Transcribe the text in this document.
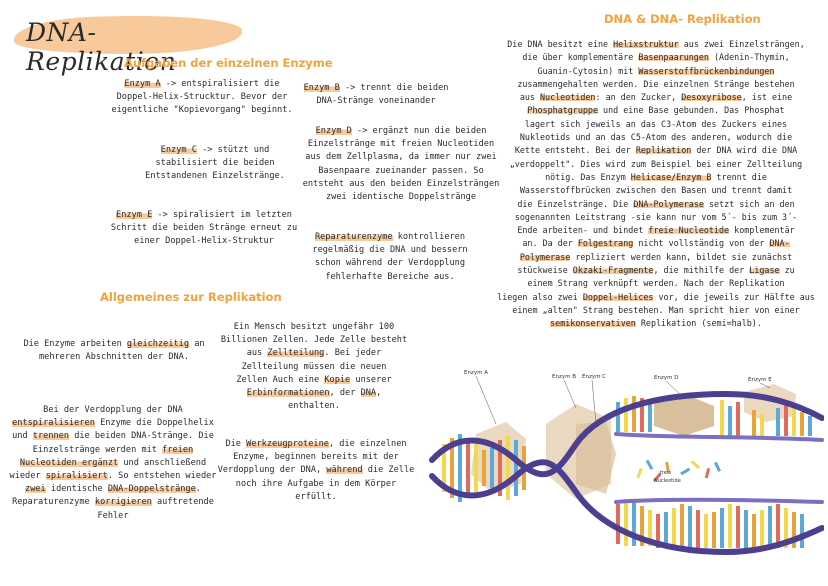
DNA-Replikation
Aufgaben der einzelnen Enzyme
Allgemeines zur Replikation
DNA & DNA- Replikation
Enzym A -> entspiralisiert die
Doppel-Helix-Strucktur. Bevor der
eigentliche "Kopievorgang" beginnt.
Enzym B -> trennt die beiden
DNA-Stränge voneinander
Enzym C -> stützt und
stabilisiert die beiden
Entstandenen Einzelstränge.
Enzym D -> ergänzt nun die beiden
Einzelstränge mit freien Nucleotiden
aus dem Zellplasma, da immer nur zwei
Basenpaare zueinander passen. So
entsteht aus den beiden Einzelsträngen
zwei identische Doppelstränge
Enzym E -> spiralisiert im letzten
Schritt die beiden Stränge erneut zu
einer Doppel-Helix-Struktur	Reparaturenzyme kontrollieren
regelmäßig die DNA und bessern
schon während der Verdopplung
fehlerhafte Bereiche aus.
Die Enzyme arbeiten gleichzeitig an
mehreren Abschnitten der DNA.
Ein Mensch besitzt ungefähr 100
Billionen Zellen. Jede Zelle besteht
aus Zellteilung. Bei jeder
Zellteilung müssen die neuen
Zellen Auch eine Kopie unserer
Erbinformationen, der DNA,
enthalten.
Bei der Verdopplung der DNA
entspiralisieren Enzyme die Doppelhelix
und trennen die beiden DNA-Stränge. Die
Einzelstränge werden mit freien
Nucleotiden ergänzt und anschließend
wieder spiralisiert. So entstehen wieder
zwei identische DNA-Doppelstränge.
Reparaturenzyme korrigieren auftretende
Fehler
Die Werkzeugproteine, die einzelnen
Enzyme, beginnen bereits mit der
Verdopplung der DNA, während die Zelle
noch ihre Aufgabe in dem Körper erfüllt.
Die DNA besitzt eine Helixstruktur aus zwei Einzelsträngen,
die über komplementäre Basenpaarungen (Adenin-Thymin,
Guanin-Cytosin) mit Wasserstoffbrückenbindungen
zusammengehalten werden. Die einzelnen Stränge bestehen
aus Nucleotiden: an den Zucker, Desoxyribose, ist eine
Phosphatgruppe und eine Base gebunden. Das Phosphat
lagert sich jeweils an das C3-Atom des Zuckers eines
Nukleotids und an das C5-Atom des anderen, wodurch die
Kette entsteht. Bei der Replikation der DNA wird die DNA
„verdoppelt". Dies wird zum Beispiel bei einer Zellteilung
nötig. Das Enzym Helicase/Enzym B trennt die
Wasserstoffbrücken zwischen den Basen und trennt damit
die Einzelstränge. Die DNA-Polymerase setzt sich an den
sogenannten Leitstrang -sie kann nur vom 5´- bis zum 3´-
Ende arbeiten- und bindet freie Nucleotide komplementär
an. Da der Folgestrang nicht vollständig von der DNA-
Polymerase repliziert werden kann, bildet sie zunächst
stückweise Okzaki-Fragmente, die mithilfe der Ligase zu
einem Strang verknüpft werden. Nach der Replikation
liegen also zwei Doppel-Helices vor, die jeweils zur Hälfte aus
einem „alten" Strang bestehen. Man spricht hier von einer
semikonservativen Replikation (semi=halb).
Enzym A
Enzym B Enzym C	Enzym D	Enzym E
freie
Nucleotide
